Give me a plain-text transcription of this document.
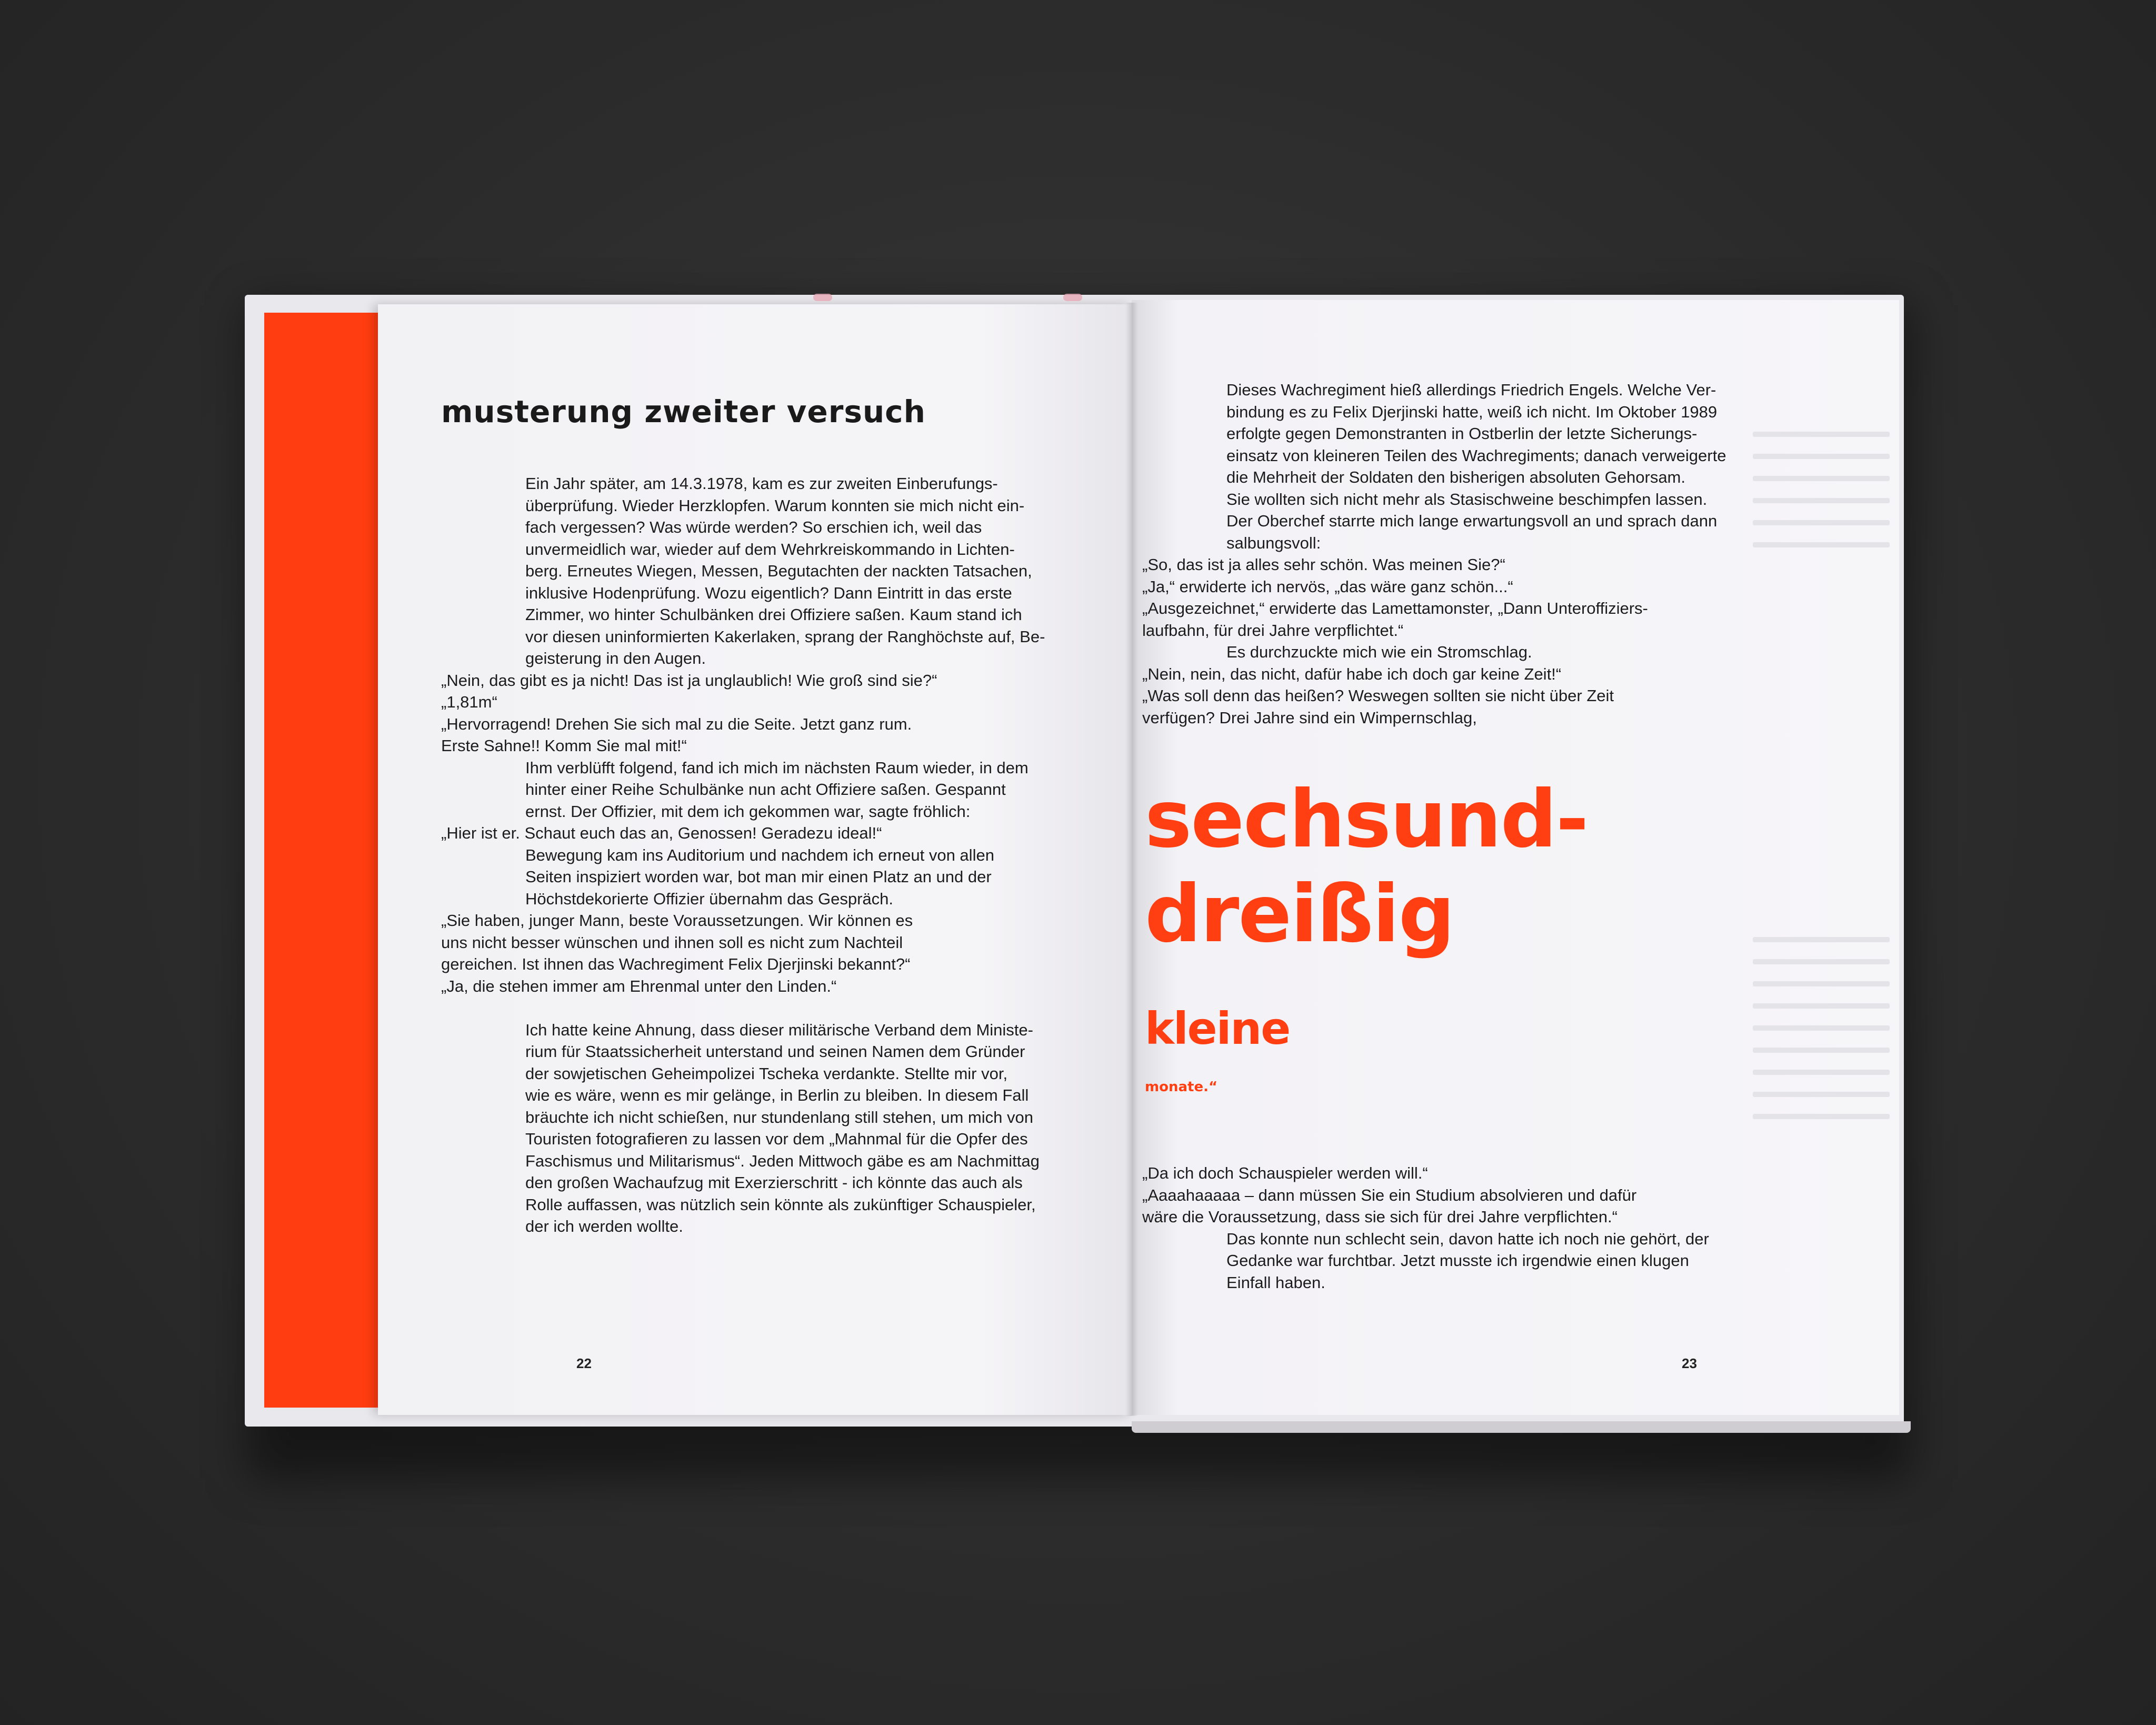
musterung zweiter versuch

Ein Jahr später, am 14.3.1978, kam es zur zweiten Einberufungs-

überprüfung. Wieder Herzklopfen. Warum konnten sie mich nicht ein-

fach vergessen? Was würde werden? So erschien ich, weil das

unvermeidlich war, wieder auf dem Wehrkreiskommando in Lichten-

berg. Erneutes Wiegen, Messen, Begutachten der nackten Tatsachen,

inklusive Hodenprüfung. Wozu eigentlich? Dann Eintritt in das erste

Zimmer, wo hinter Schulbänken drei Offiziere saßen. Kaum stand ich

vor diesen uninformierten Kakerlaken, sprang der Ranghöchste auf, Be-

geisterung in den Augen.

„Nein, das gibt es ja nicht! Das ist ja unglaublich! Wie groß sind sie?“

„1,81m“

„Hervorragend! Drehen Sie sich mal zu die Seite. Jetzt ganz rum.

Erste Sahne!! Komm Sie mal mit!“

Ihm verblüfft folgend, fand ich mich im nächsten Raum wieder, in dem

hinter einer Reihe Schulbänke nun acht Offiziere saßen. Gespannt

ernst. Der Offizier, mit dem ich gekommen war, sagte fröhlich:

„Hier ist er. Schaut euch das an, Genossen! Geradezu ideal!“

Bewegung kam ins Auditorium und nachdem ich erneut von allen

Seiten inspiziert worden war, bot man mir einen Platz an und der

Höchstdekorierte Offizier übernahm das Gespräch.

„Sie haben, junger Mann, beste Voraussetzungen. Wir können es

uns nicht besser wünschen und ihnen soll es nicht zum Nachteil

gereichen. Ist ihnen das Wachregiment Felix Djerjinski bekannt?“

„Ja, die stehen immer am Ehrenmal unter den Linden.“

Ich hatte keine Ahnung, dass dieser militärische Verband dem Ministe-

rium für Staatssicherheit unterstand und seinen Namen dem Gründer

der sowjetischen Geheimpolizei Tscheka verdankte. Stellte mir vor,

wie es wäre, wenn es mir gelänge, in Berlin zu bleiben. In diesem Fall

bräuchte ich nicht schießen, nur stundenlang still stehen, um mich von

Touristen fotografieren zu lassen vor dem „Mahnmal für die Opfer des

Faschismus und Militarismus“. Jeden Mittwoch gäbe es am Nachmittag

den großen Wachaufzug mit Exerzierschritt - ich könnte das auch als

Rolle auffassen, was nützlich sein könnte als zukünftiger Schauspieler,

der ich werden wollte.

22

Dieses Wachregiment hieß allerdings Friedrich Engels. Welche Ver-

bindung es zu Felix Djerjinski hatte, weiß ich nicht. Im Oktober 1989

erfolgte gegen Demonstranten in Ostberlin der letzte Sicherungs-

einsatz von kleineren Teilen des Wachregiments; danach verweigerte

die Mehrheit der Soldaten den bisherigen absoluten Gehorsam.

Sie wollten sich nicht mehr als Stasischweine beschimpfen lassen.

Der Oberchef starrte mich lange erwartungsvoll an und sprach dann

salbungsvoll:

„So, das ist ja alles sehr schön. Was meinen Sie?“

„Ja,“ erwiderte ich nervös, „das wäre ganz schön...“

„Ausgezeichnet,“ erwiderte das Lamettamonster, „Dann Unteroffiziers-

laufbahn, für drei Jahre verpflichtet.“

Es durchzuckte mich wie ein Stromschlag.

„Nein, nein, das nicht, dafür habe ich doch gar keine Zeit!“

„Was soll denn das heißen? Weswegen sollten sie nicht über Zeit

verfügen? Drei Jahre sind ein Wimpernschlag,

sechsund-
dreißig
kleine
monate.“

„Da ich doch Schauspieler werden will.“

„Aaaahaaaaa – dann müssen Sie ein Studium absolvieren und dafür

wäre die Voraussetzung, dass sie sich für drei Jahre verpflichten.“

Das konnte nun schlecht sein, davon hatte ich noch nie gehört, der

Gedanke war furchtbar. Jetzt musste ich irgendwie einen klugen

Einfall haben.

23
